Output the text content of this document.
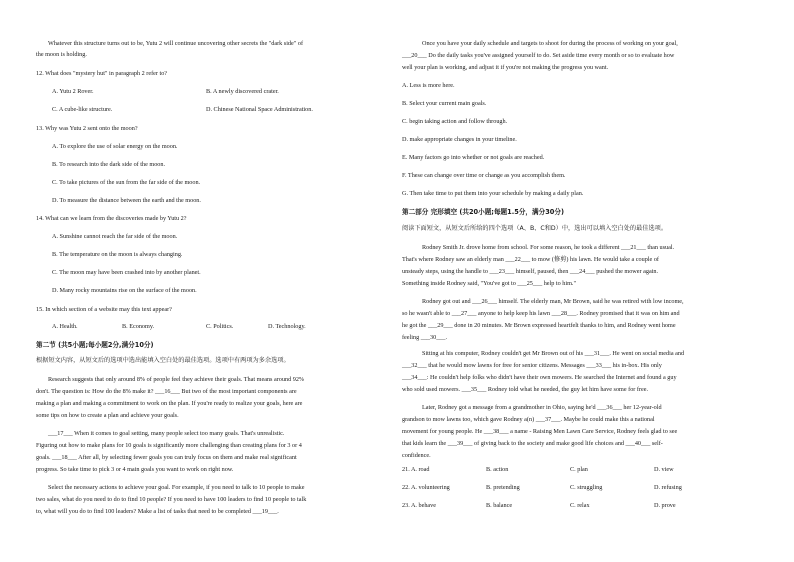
Whatever this structure turns out to be, Yutu 2 will continue uncovering other secrets the "dark side" of
the moon is holding.
12. What does "mystery hut" in paragraph 2 refer to?
A. Yutu 2 Rover.	B. A newly discovered crater.
C. A cube-like structure.	D. Chinese National Space Administration.
13. Why was Yutu 2 sent onto the moon?
A. To explore the use of solar energy on the moon.
B. To research into the dark side of the moon.
C. To take pictures of the sun from the far side of the moon.
D. To measure the distance between the earth and the moon.
14. What can we learn from the discoveries made by Yutu 2?
A. Sunshine cannot reach the far side of the moon.
B. The temperature on the moon is always changing.
C. The moon may have been crashed into by another planet.
D. Many rocky mountains rise on the surface of the moon.
15. In which section of a website may this text appear?
A. Health.	B. Economy.	C. Politics.	D. Technology.
第二节 (共5小题;每小题2分,满分10分)
根据短文内容，从短文后的选项中选出能填入空白处的最佳选项。选项中有两项为多余选项。
Research suggests that only around 8% of people feel they achieve their goals. That means around 92%
don't. The question is: How do the 8% make it? ___16___ But two of the most important components are
making a plan and making a commitment to work on the plan. If you're ready to realize your goals, here are
some tips on how to create a plan and achieve your goals.
___17___ When it comes to goal setting, many people select too many goals. That's unrealistic.
Figuring out how to make plans for 10 goals is significantly more challenging than creating plans for 3 or 4
goals. ___18___ After all, by selecting fewer goals you can truly focus on them and make real significant
progress. So take time to pick 3 or 4 main goals you want to work on right now.
Select the necessary actions to achieve your goal. For example, if you need to talk to 10 people to make
two sales, what do you need to do to find 10 people? If you need to have 100 leaders to find 10 people to talk
to, what will you do to find 100 leaders? Make a list of tasks that need to be completed ___19___.
Once you have your daily schedule and targets to shoot for during the process of working on your goal,
___20___ Do the daily tasks you've assigned yourself to do. Set aside time every month or so to evaluate how
well your plan is working, and adjust it if you're not making the progress you want.
A. Less is more here.
B. Select your current main goals.
C. begin taking action and follow through.
D. make appropriate changes in your timeline.
E. Many factors go into whether or not goals are reached.
F. These can change over time or change as you accomplish them.
G. Then take time to put them into your schedule by making a daily plan.
第二部分 完形填空 (共20小题;每题1.5分，满分30分)
阅读下面短文，从短文后所给的四个选项（A、B、C和D）中，选出可以填入空白处的最佳选项。
Rodney Smith Jr. drove home from school. For some reason, he took a different ___21___ than usual.
That's where Rodney saw an elderly man ___22___ to mow (修剪) his lawn. He would take a couple of
unsteady steps, using the handle to ___23___ himself, paused, then ___24___ pushed the mower again.
Something inside Rodney said, "You've got to ___25___ help to him."
Rodney got out and ___26___ himself. The elderly man, Mr Brown, said he was retired with low income,
so he wasn't able to ___27___ anyone to help keep his lawn ___28___. Rodney promised that it was on him and
he got the ___29___ done in 20 minutes. Mr Brown expressed heartfelt thanks to him, and Rodney went home
feeling ___30___.
Sitting at his computer, Rodney couldn't get Mr Brown out of his ___31___. He went on social media and
___32___ that he would mow lawns for free for senior citizens. Messages ___33___ his in-box. His only
___34___: He couldn't help folks who didn't have their own mowers. He searched the Internet and found a guy
who sold used mowers. ___35___ Rodney told what he needed, the guy let him have some for free.
Later, Rodney got a message from a grandmother in Ohio, saying he'd ___36___ her 12-year-old
grandson to mow lawns too, which gave Rodney a(n) ___37___. Maybe he could make this a national
movement for young people. He ___38___ a name - Raising Men Lawn Care Service, Rodney feels glad to see
that kids learn the ___39___ of giving back to the society and make good life choices and ___40___ self-
confidence.
21. A. road	B. action	C. plan	D. view
22. A. volunteering	B. pretending	C. struggling	D. refusing
23. A. behave	B. balance	C. relax	D. prove
